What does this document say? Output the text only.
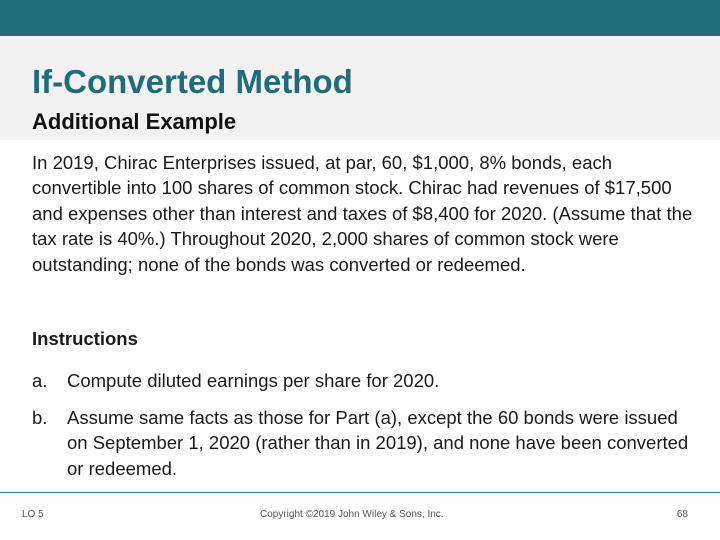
If-Converted Method
Additional Example

In 2019, Chirac Enterprises issued, at par, 60, $1,000, 8% bonds, each convertible into 100 shares of common stock. Chirac had revenues of $17,500 and expenses other than interest and taxes of $8,400 for 2020. (Assume that the tax rate is 40%.) Throughout 2020, 2,000 shares of common stock were outstanding; none of the bonds was converted or redeemed.

Instructions

a.	Compute diluted earnings per share for 2020.
b.	Assume same facts as those for Part (a), except the 60 bonds were issued on September 1, 2020 (rather than in 2019), and none have been converted or redeemed.

LO 5	Copyright ©2019 John Wiley & Sons, Inc.	68
